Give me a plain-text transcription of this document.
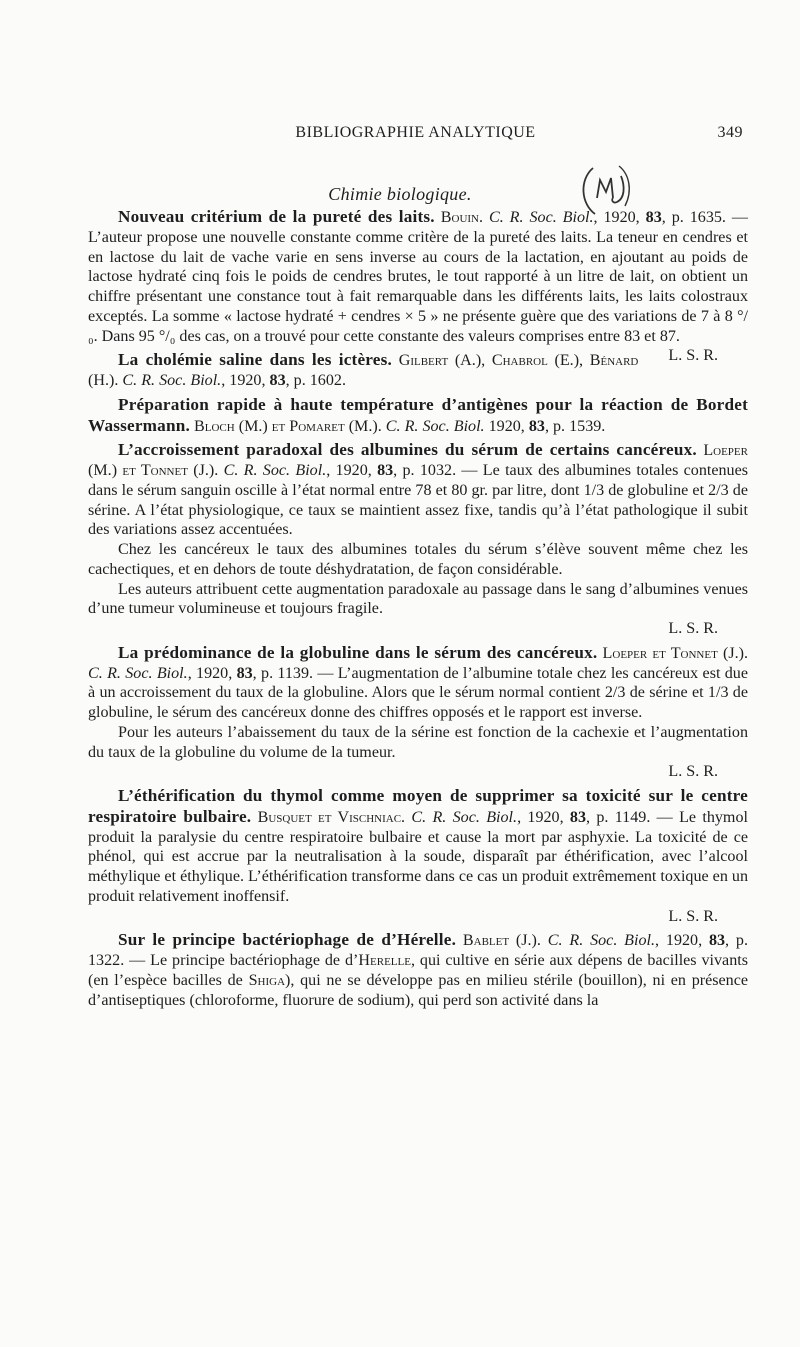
BIBLIOGRAPHIE ANALYTIQUE	349
Chimie biologique.

Nouveau critérium de la pureté des laits. Bouin. C. R. Soc. Biol., 1920, 83, p. 1635. — L’auteur propose une nouvelle constante comme critère de la pureté des laits. La teneur en cendres et en lactose du lait de vache varie en sens inverse au cours de la lactation, en ajoutant au poids de lactose hydraté cinq fois le poids de cendres brutes, le tout rapporté à un litre de lait, on obtient un chiffre présentant une constance tout à fait remarquable dans les différents laits, les laits colostraux exceptés. La somme « lactose hydraté + cendres × 5 » ne présente guère que des variations de 7 à 8 °/₀. Dans 95 °/₀ des cas, on a trouvé pour cette constante des valeurs comprises entre 83 et 87.
L. S. R.

La cholémie saline dans les ictères. Gilbert (A.), Chabrol (E.), Bénard (H.). C. R. Soc. Biol., 1920, 83, p. 1602.

Préparation rapide à haute température d’antigènes pour la réaction de Bordet Wassermann. Bloch (M.) et Pomaret (M.). C. R. Soc. Biol. 1920, 83, p. 1539.

L’accroissement paradoxal des albumines du sérum de certains cancéreux. Loeper (M.) et Tonnet (J.). C. R. Soc. Biol., 1920, 83, p. 1032. — Le taux des albumines totales contenues dans le sérum sanguin oscille à l’état normal entre 78 et 80 gr. par litre, dont 1/3 de globuline et 2/3 de sérine. A l’état physiologique, ce taux se maintient assez fixe, tandis qu’à l’état pathologique il subit des variations assez accentuées.

Chez les cancéreux le taux des albumines totales du sérum s’élève souvent même chez les cachectiques, et en dehors de toute déshydratation, de façon considérable.

Les auteurs attribuent cette augmentation paradoxale au passage dans le sang d’albumines venues d’une tumeur volumineuse et toujours fragile.

L. S. R.

La prédominance de la globuline dans le sérum des cancéreux. Loeper et Tonnet (J.). C. R. Soc. Biol., 1920, 83, p. 1139. — L’augmentation de l’albumine totale chez les cancéreux est due à un accroissement du taux de la globuline. Alors que le sérum normal contient 2/3 de sérine et 1/3 de globuline, le sérum des cancéreux donne des chiffres opposés et le rapport est inverse.

Pour les auteurs l’abaissement du taux de la sérine est fonction de la cachexie et l’augmentation du taux de la globuline du volume de la tumeur.

L. S. R.

L’éthérification du thymol comme moyen de supprimer sa toxicité sur le centre respiratoire bulbaire. Busquet et Vischniac. C. R. Soc. Biol., 1920, 83, p. 1149. — Le thymol produit la paralysie du centre respiratoire bulbaire et cause la mort par asphyxie. La toxicité de ce phénol, qui est accrue par la neutralisation à la soude, disparaît par éthérification, avec l’alcool méthylique et éthylique. L’éthérification transforme dans ce cas un produit extrêmement toxique en un produit relativement inoffensif.

L. S. R.

Sur le principe bactériophage de d’Hérelle. Bablet (J.). C. R. Soc. Biol., 1920, 83, p. 1322. — Le principe bactériophage de d’Herelle, qui cultive en série aux dépens de bacilles vivants (en l’espèce bacilles de Shiga), qui ne se développe pas en milieu stérile (bouillon), ni en présence d’antiseptiques (chloroforme, fluorure de sodium), qui perd son activité dans la
